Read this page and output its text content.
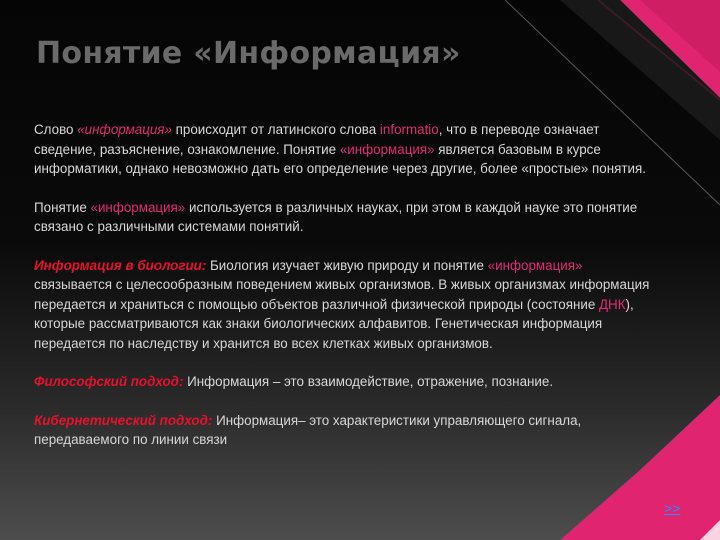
Понятие «Информация»

Слово «информация» происходит от латинского слова informatio, что в переводе означает сведение, разъяснение, ознакомление. Понятие «информация» является базовым в курсе информатики, однако невозможно дать его определение через другие, более «простые» понятия.

Понятие «информация» используется в различных науках, при этом в каждой науке это понятие связано с различными системами понятий.

Информация в биологии: Биология изучает живую природу и понятие «информация» связывается с целесообразным поведением живых организмов. В живых организмах информация передается и храниться с помощью объектов различной физической природы (состояние ДНК), которые рассматриваются как знаки биологических алфавитов. Генетическая информация передается по наследству и хранится во всех клетках живых организмов.

Философский подход: Информация – это взаимодействие, отражение, познание.

Кибернетический подход: Информация– это характеристики управляющего сигнала, передаваемого по линии связи

>>
